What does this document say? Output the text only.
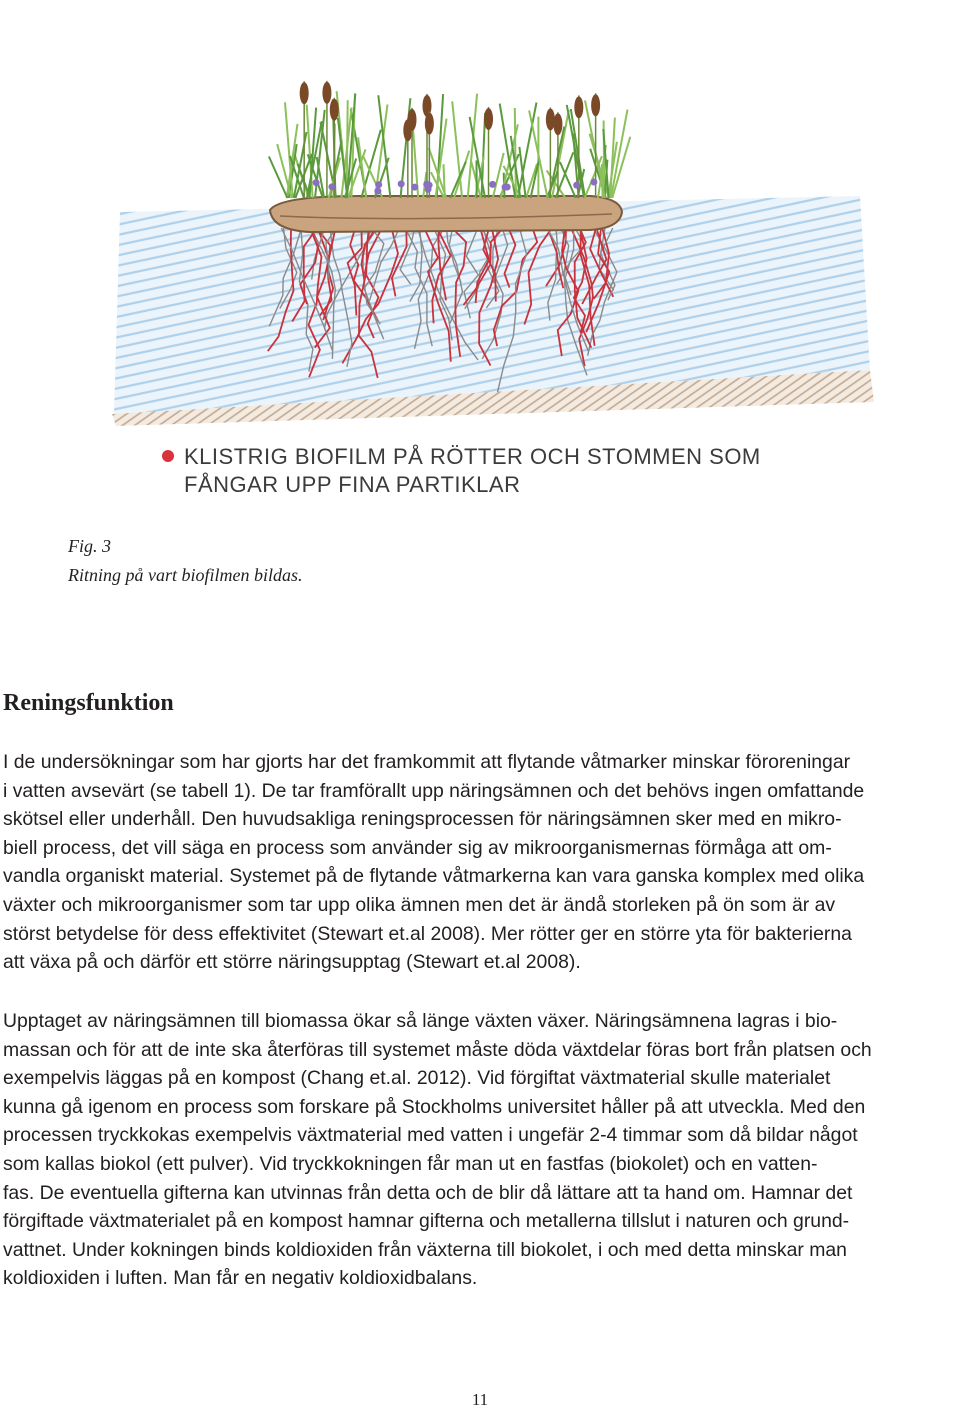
KLISTRIG BIOFILM PÅ RÖTTER OCH STOMMEN SOM
FÅNGAR UPP FINA PARTIKLAR
Fig. 3
Ritning på vart biofilmen bildas.
Reningsfunktion
I de undersökningar som har gjorts har det framkommit att flytande våtmarker minskar föroreningar
i vatten avsevärt (se tabell 1). De tar framförallt upp näringsämnen och det behövs ingen omfattande
skötsel eller underhåll. Den huvudsakliga reningsprocessen för näringsämnen sker med en mikro-
biell process, det vill säga en process som använder sig av mikroorganismernas förmåga att om-
vandla organiskt material. Systemet på de flytande våtmarkerna kan vara ganska komplex med olika
växter och mikroorganismer som tar upp olika ämnen men det är ändå storleken på ön som är av
störst betydelse för dess effektivitet (Stewart et.al 2008). Mer rötter ger en större yta för bakterierna
att växa på och därför ett större näringsupptag (Stewart et.al 2008).
Upptaget av näringsämnen till biomassa ökar så länge växten växer. Näringsämnena lagras i bio-
massan och för att de inte ska återföras till systemet måste döda växtdelar föras bort från platsen och
exempelvis läggas på en kompost (Chang et.al. 2012). Vid förgiftat växtmaterial skulle materialet
kunna gå igenom en process som forskare på Stockholms universitet håller på att utveckla. Med den
processen tryckkokas exempelvis växtmaterial med vatten i ungefär 2-4 timmar som då bildar något
som kallas biokol (ett pulver). Vid tryckkokningen får man ut en fastfas (biokolet) och en vatten-
fas. De eventuella gifterna kan utvinnas från detta och de blir då lättare att ta hand om. Hamnar det
förgiftade växtmaterialet på en kompost hamnar gifterna och metallerna tillslut i naturen och grund-
vattnet. Under kokningen binds koldioxiden från växterna till biokolet, i och med detta minskar man
koldioxiden i luften. Man får en negativ koldioxidbalans.
11
